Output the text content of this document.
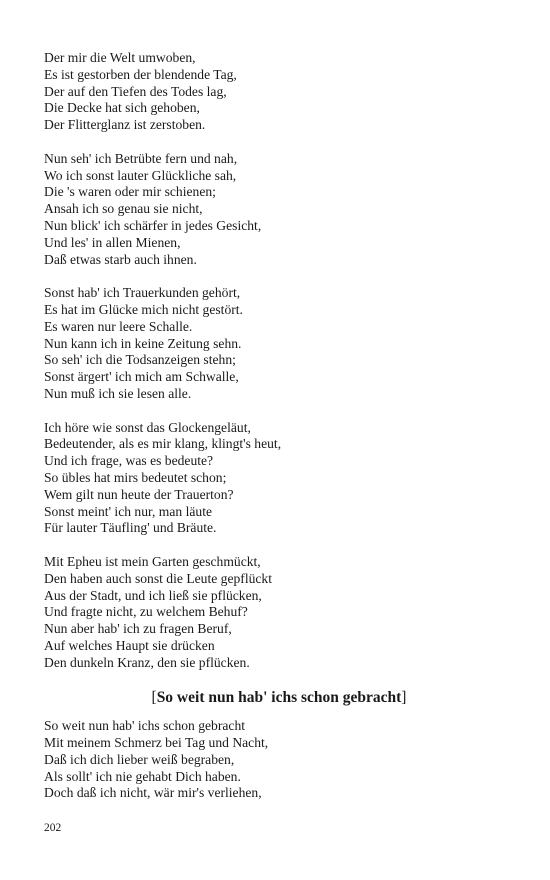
Der mir die Welt umwoben,
Es ist gestorben der blendende Tag,
Der auf den Tiefen des Todes lag,
Die Decke hat sich gehoben,
Der Flitterglanz ist zerstoben.
Nun seh' ich Betrübte fern und nah,
Wo ich sonst lauter Glückliche sah,
Die 's waren oder mir schienen;
Ansah ich so genau sie nicht,
Nun blick' ich schärfer in jedes Gesicht,
Und les' in allen Mienen,
Daß etwas starb auch ihnen.
Sonst hab' ich Trauerkunden gehört,
Es hat im Glücke mich nicht gestört.
Es waren nur leere Schalle.
Nun kann ich in keine Zeitung sehn.
So seh' ich die Todsanzeigen stehn;
Sonst ärgert' ich mich am Schwalle,
Nun muß ich sie lesen alle.
Ich höre wie sonst das Glockengeläut,
Bedeutender, als es mir klang, klingt's heut,
Und ich frage, was es bedeute?
So übles hat mirs bedeutet schon;
Wem gilt nun heute der Trauerton?
Sonst meint' ich nur, man läute
Für lauter Täufling' und Bräute.
Mit Epheu ist mein Garten geschmückt,
Den haben auch sonst die Leute gepflückt
Aus der Stadt, und ich ließ sie pflücken,
Und fragte nicht, zu welchem Behuf?
Nun aber hab' ich zu fragen Beruf,
Auf welches Haupt sie drücken
Den dunkeln Kranz, den sie pflücken.
[So weit nun hab' ichs schon gebracht]
So weit nun hab' ichs schon gebracht
Mit meinem Schmerz bei Tag und Nacht,
Daß ich dich lieber weiß begraben,
Als sollt' ich nie gehabt Dich haben.
Doch daß ich nicht, wär mir's verliehen,
202
